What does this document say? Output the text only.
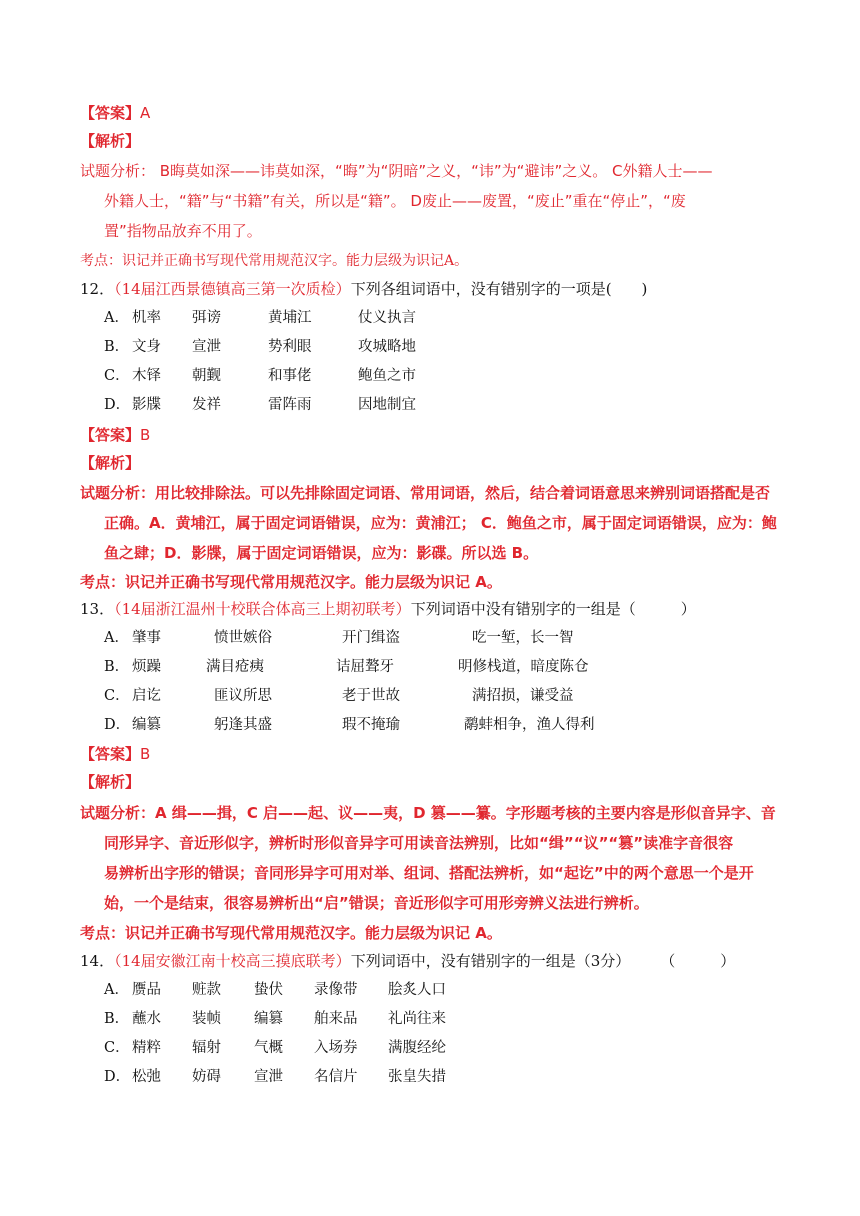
【答案】A
【解析】
试题分析： B晦莫如深——讳莫如深，“晦”为“阴暗”之义，“讳”为“避讳”之义。 C外籍人士——
外籍人士，“籍”与“书籍”有关，所以是“籍”。 D废止——废置，“废止”重在“停止”，“废
置”指物品放弃不用了。
考点：识记并正确书写现代常用规范汉字。能力层级为识记A。
12．（14届江西景德镇高三第一次质检）下列各组词语中，没有错别字的一项是(　　)
A． 机率 弭谤	黄埔江	仗义执言
B． 文身 宣泄	势利眼	攻城略地
C． 木铎 朝觐	和事佬	鲍鱼之市
D． 影牒 发祥	雷阵雨	因地制宜
【答案】B
【解析】
试题分析：用比较排除法。可以先排除固定词语、常用词语，然后，结合着词语意思来辨别词语搭配是否
正确。A．黄埔江，属于固定词语错误，应为：黄浦江； C．鲍鱼之市，属于固定词语错误，应为：鲍
鱼之肆；D．影牒，属于固定词语错误，应为：影碟。所以选 B。
考点：识记并正确书写现代常用规范汉字。能力层级为识记 A。
13．（14届浙江温州十校联合体高三上期初联考）下列词语中没有错别字的一组是（　　　）
A． 肇事	愤世嫉俗	开门缉盗	吃一堑，长一智
B． 烦躁	满目疮痍	诘屈聱牙	明修栈道，暗度陈仓
C． 启讫	匪议所思	老于世故	满招损，谦受益
D． 编篡	躬逢其盛	瑕不掩瑜	鹬蚌相争，渔人得利
【答案】B
【解析】
试题分析：A 缉——揖，C 启——起、议——夷，D 篡——纂。字形题考核的主要内容是形似音异字、音
同形异字、音近形似字，辨析时形似音异字可用读音法辨别，比如“缉”“议”“篡”读准字音很容
易辨析出字形的错误；音同形异字可用对举、组词、搭配法辨析，如“起讫”中的两个意思一个是开
始，一个是结束，很容易辨析出“启”错误；音近形似字可用形旁辨义法进行辨析。
考点：识记并正确书写现代常用规范汉字。能力层级为识记 A。
14．（14届安徽江南十校高三摸底联考）下列词语中，没有错别字的一组是（3分）　　　（　　　）
A． 赝品 赃款 蛰伏 录像带 脍炙人口
B． 蘸水 装帧 编篡 舶来品 礼尚往来
C． 精粹 辐射 气概 入场券 满腹经纶
D． 松弛 妨碍 宣泄 名信片 张皇失措
